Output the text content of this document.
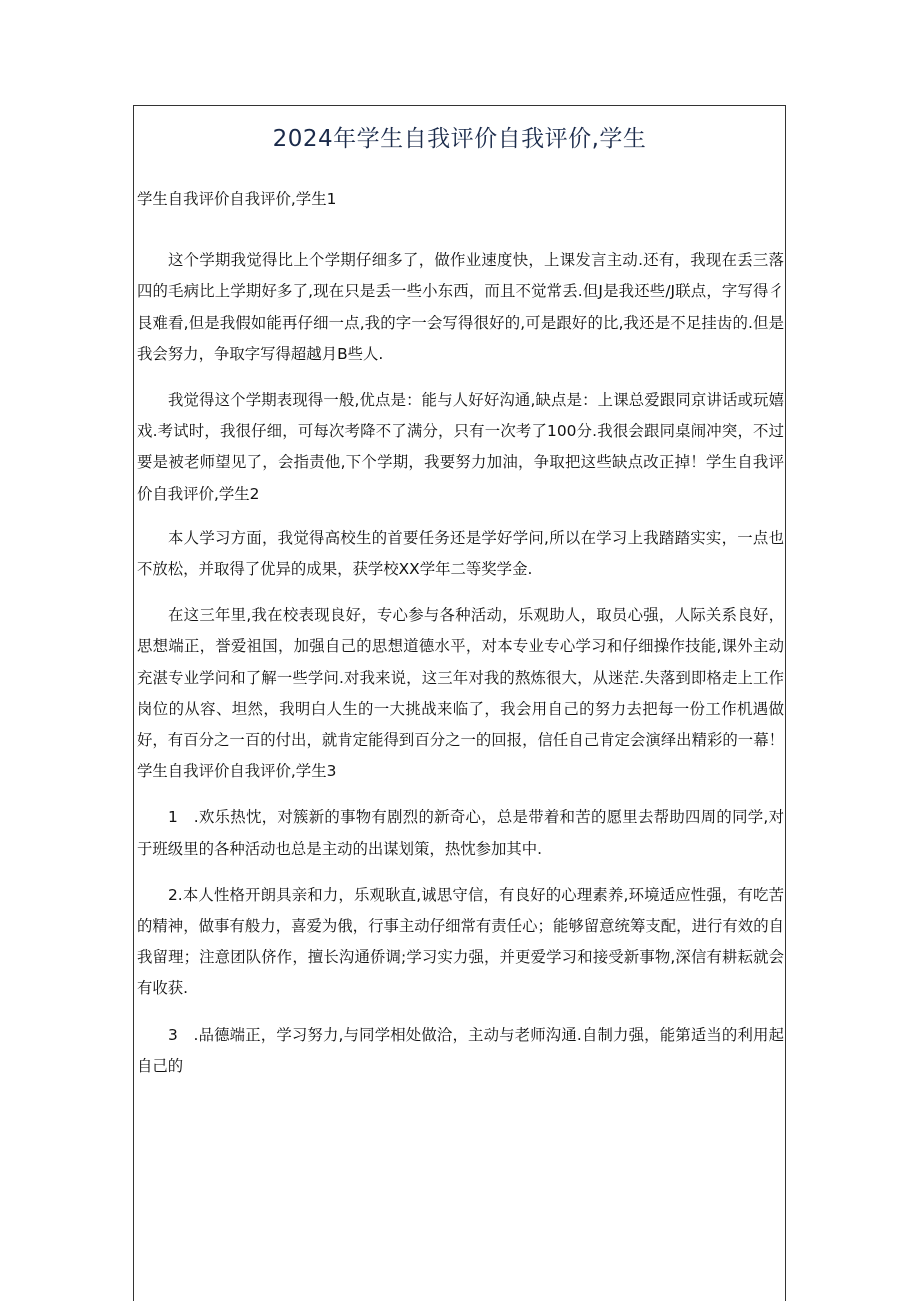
2024年学生自我评价自我评价,学生
学生自我评价自我评价,学生1

这个学期我觉得比上个学期仔细多了，做作业速度快，上课发言主动.还有，我现在丢三落四的毛病比上学期好多了,现在只是丢一些小东西，而且不觉常丢.但J是我还些/J联点，字写得彳艮难看,但是我假如能再仔细一点,我的字一会写得很好的,可是跟好的比,我还是不足挂齿的.但是我会努力，争取字写得超越月B些人.

我觉得这个学期表现得一般,优点是：能与人好好沟通,缺点是：上课总爱跟同京讲话或玩嬉戏.考试时，我很仔细，可每次考降不了满分，只有一次考了100分.我很会跟同桌闹冲突，不过要是被老师望见了，会指责他,下个学期，我要努力加油，争取把这些缺点改正掉！学生自我评价自我评价,学生2

本人学习方面，我觉得高校生的首要任务还是学好学问,所以在学习上我踏踏实实，一点也不放松，并取得了优异的成果，获学校XX学年二等奖学金.

在这三年里,我在校表现良好，专心参与各种活动，乐观助人，取员心强，人际关系良好，思想端正，誉爱祖国，加强自己的思想道德水平，对本专业专心学习和仔细操作技能,课外主动充湛专业学问和了解一些学问.对我来说，这三年对我的熬炼很大，从迷茫.失落到即格走上工作岗位的从容、坦然，我明白人生的一大挑战来临了，我会用自己的努力去把每一份工作机遇做好，有百分之一百的付出，就肯定能得到百分之一的回报，信任自己肯定会演绎出精彩的一幕！学生自我评价自我评价,学生3

1　.欢乐热忱，对簇新的事物有剧烈的新奇心，总是带着和苦的愿里去帮助四周的同学,对于班级里的各种活动也总是主动的出谋划策，热忱参加其中.

2.本人性格开朗具亲和力，乐观耿直,诚思守信，有良好的心理素养,环境适应性强，有吃苦的精神，做事有般力，喜爱为俄，行事主动仔细常有责任心；能够留意统筹支配，进行有效的自我留理；注意团队侪作，擅长沟通侨调;学习实力强，并更爱学习和接受新事物,深信有耕耘就会有收获.

3　.品德端正，学习努力,与同学相处做洽，主动与老师沟通.自制力强，能第适当的利用起自己的
